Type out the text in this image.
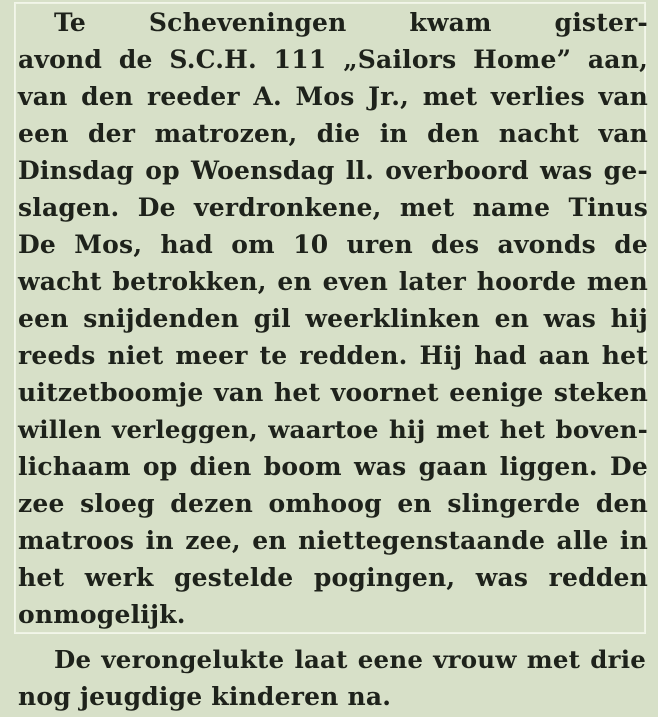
Te Scheveningen kwam gister-
avond de S.C.H. 111 „Sailors Home” aan,
van den reeder A. Mos Jr., met verlies van
een der matrozen, die in den nacht van
Dinsdag op Woensdag ll. overboord was ge-
slagen. De verdronkene, met name Tinus
De Mos, had om 10 uren des avonds de
wacht betrokken, en even later hoorde men
een snijdenden gil weerklinken en was hij
reeds niet meer te redden. Hij had aan het
uitzetboomje van het voornet eenige steken
willen verleggen, waartoe hij met het boven-
lichaam op dien boom was gaan liggen. De
zee sloeg dezen omhoog en slingerde den
matroos in zee, en niettegenstaande alle in
het werk gestelde pogingen, was redden
onmogelijk.
De verongelukte laat eene vrouw met drie
nog jeugdige kinderen na.
